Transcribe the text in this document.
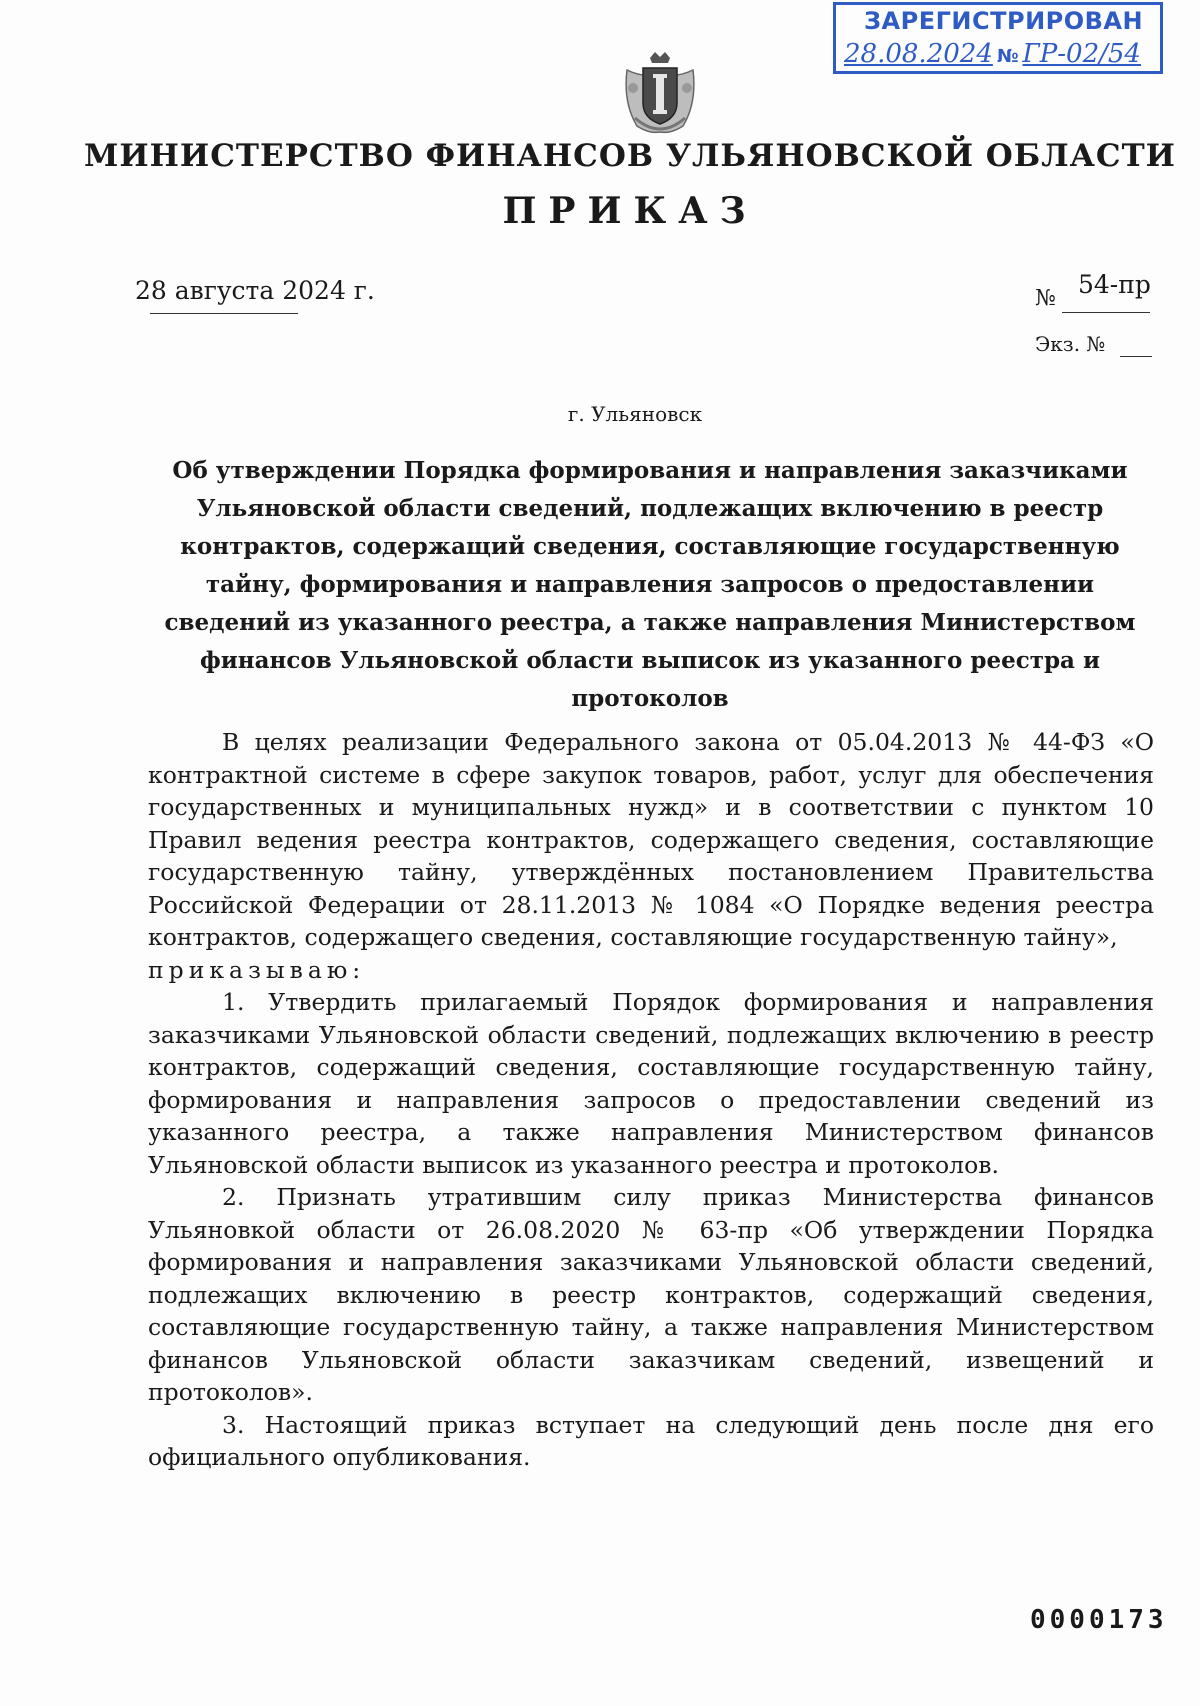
ЗАРЕГИСТРИРОВАН
28.08.2024 № ГР-02/54
МИНИСТЕРСТВО ФИНАНСОВ УЛЬЯНОВСКОЙ ОБЛАСТИ
ПРИКАЗ
28 августа 2024 г.	№ 54-пр
Экз. №
г. Ульяновск
Об утверждении Порядка формирования и направления заказчиками Ульяновской области сведений, подлежащих включению в реестр контрактов, содержащий сведения, составляющие государственную тайну, формирования и направления запросов о предоставлении сведений из указанного реестра, а также направления Министерством финансов Ульяновской области выписок из указанного реестра и протоколов

В целях реализации Федерального закона от 05.04.2013 № 44-ФЗ «О контрактной системе в сфере закупок товаров, работ, услуг для обеспечения государственных и муниципальных нужд» и в соответствии с пунктом 10 Правил ведения реестра контрактов, содержащего сведения, составляющие государственную тайну, утверждённых постановлением Правительства Российской Федерации от 28.11.2013 № 1084 «О Порядке ведения реестра контрактов, содержащего сведения, составляющие государственную тайну»,

приказываю:

1. Утвердить прилагаемый Порядок формирования и направления заказчиками Ульяновской области сведений, подлежащих включению в реестр контрактов, содержащий сведения, составляющие государственную тайну, формирования и направления запросов о предоставлении сведений из указанного реестра, а также направления Министерством финансов Ульяновской области выписок из указанного реестра и протоколов.

2. Признать утратившим силу приказ Министерства финансов Ульяновкой области от 26.08.2020 № 63-пр «Об утверждении Порядка формирования и направления заказчиками Ульяновской области сведений, подлежащих включению в реестр контрактов, содержащий сведения, составляющие государственную тайну, а также направления Министерством финансов Ульяновской области заказчикам сведений, извещений и протоколов».

3. Настоящий приказ вступает на следующий день после дня его официального опубликования.

0000173
